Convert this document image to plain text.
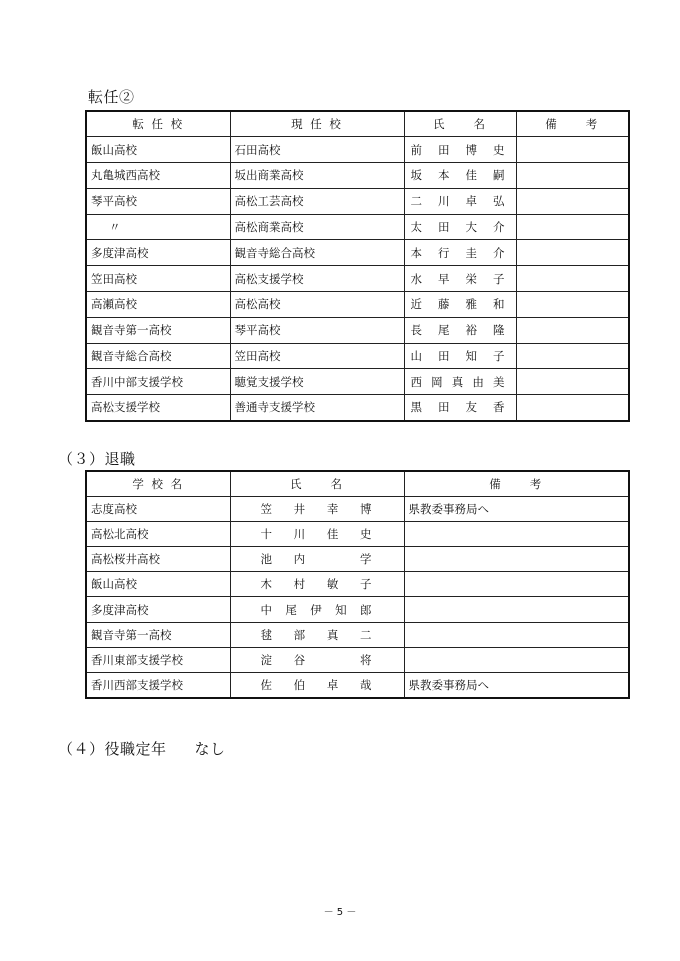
転任②
転 任 校	現 任 校	氏　　名	備　　考
飯山高校	石田高校	前田博史	
丸亀城西高校	坂出商業高校	坂本佳嗣	
琴平高校	高松工芸高校	二川卓弘	
〃	高松商業高校	太田大介	
多度津高校	観音寺総合高校	本行圭介	
笠田高校	高松支援学校	水早栄子	
高瀬高校	高松高校	近藤雅和	
観音寺第一高校	琴平高校	長尾裕隆	
観音寺総合高校	笠田高校	山田知子	
香川中部支援学校	聴覚支援学校	西岡真由美	
高松支援学校	善通寺支援学校	黒田友香	
（３）退職
学 校 名	氏　　名	備　　考
志度高校	笠井幸博	県教委事務局へ
高松北高校	十川佳史	
高松桜井高校	池内　学	
飯山高校	木村敏子	
多度津高校	中尾伊知郎	
観音寺第一高校	毬部真二	
香川東部支援学校	淀谷　将	
香川西部支援学校	佐伯卓哉	県教委事務局へ
（４）役職定年 なし
－ 5 －
